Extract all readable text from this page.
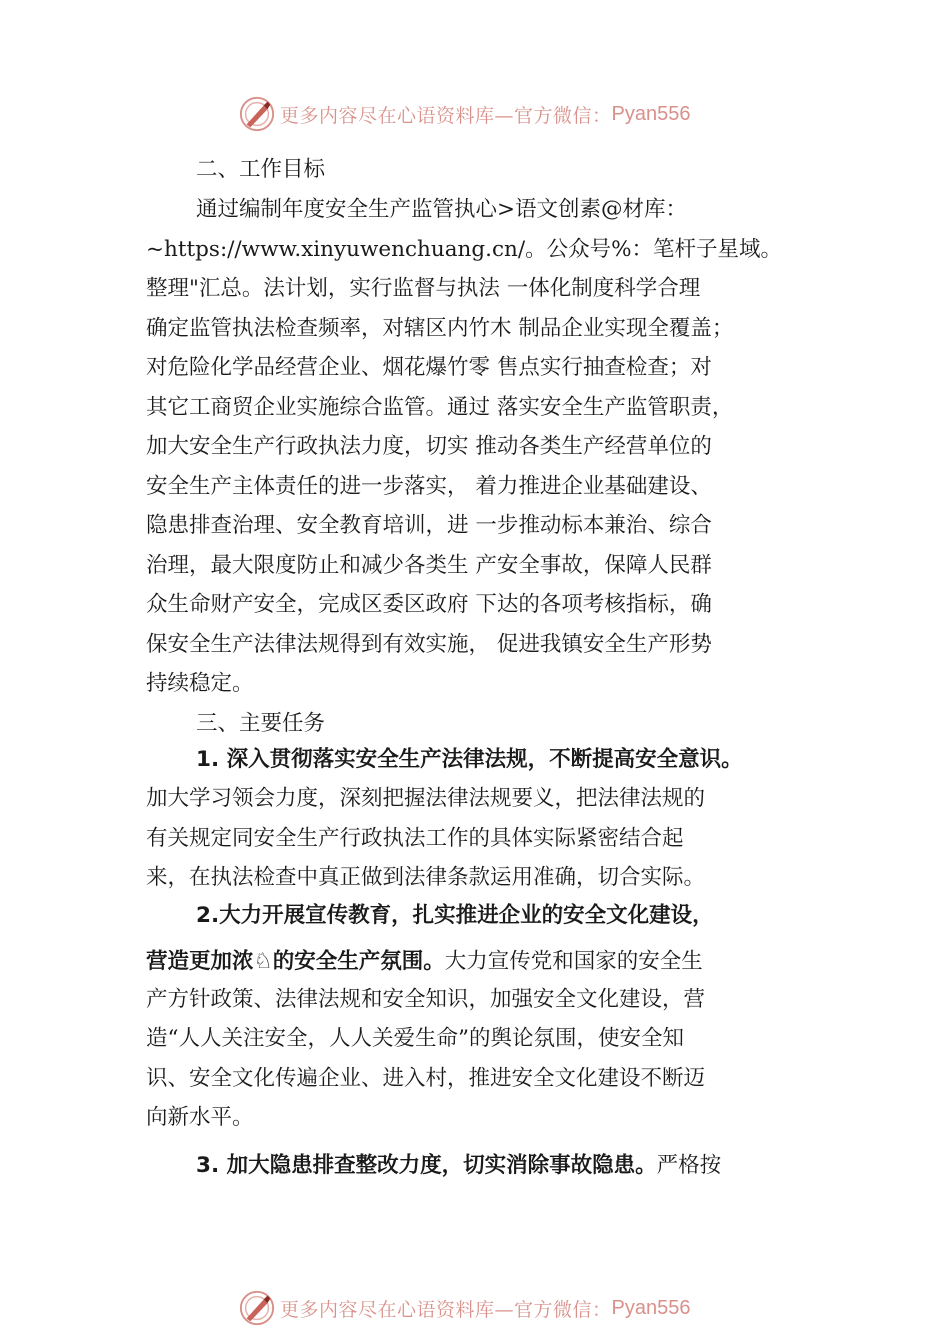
更多内容尽在心语资料库—官方微信： Pyan556
二、工作目标
通过编制年度安全生产监管执心>语文创素@材库：
~https://www.xinyuwenchuang.cn/。公众号%：笔杆子星域。
整理"汇总。法计划，实行监督与执法 一体化制度科学合理
确定监管执法检查频率，对辖区内竹木 制品企业实现全覆盖；
对危险化学品经营企业、烟花爆竹零 售点实行抽查检查；对
其它工商贸企业实施综合监管。通过 落实安全生产监管职责，
加大安全生产行政执法力度，切实 推动各类生产经营单位的
安全生产主体责任的进一步落实， 着力推进企业基础建设、
隐患排查治理、安全教育培训，进 一步推动标本兼治、综合
治理，最大限度防止和减少各类生 产安全事故，保障人民群
众生命财产安全，完成区委区政府 下达的各项考核指标，确
保安全生产法律法规得到有效实施， 促进我镇安全生产形势
持续稳定。
三、主要任务
1. 深入贯彻落实安全生产法律法规，不断提高安全意识。
加大学习领会力度，深刻把握法律法规要义，把法律法规的
有关规定同安全生产行政执法工作的具体实际紧密结合起
来，在执法检查中真正做到法律条款运用准确，切合实际。
2.大力开展宣传教育，扎实推进企业的安全文化建设，
营造更加浓♘的安全生产氛围。大力宣传党和国家的安全生
产方针政策、法律法规和安全知识，加强安全文化建设，营
造“人人关注安全，人人关爱生命”的舆论氛围，使安全知
识、安全文化传遍企业、进入村，推进安全文化建设不断迈
向新水平。
3. 加大隐患排查整改力度，切实消除事故隐患。严格按
更多内容尽在心语资料库—官方微信： Pyan556
